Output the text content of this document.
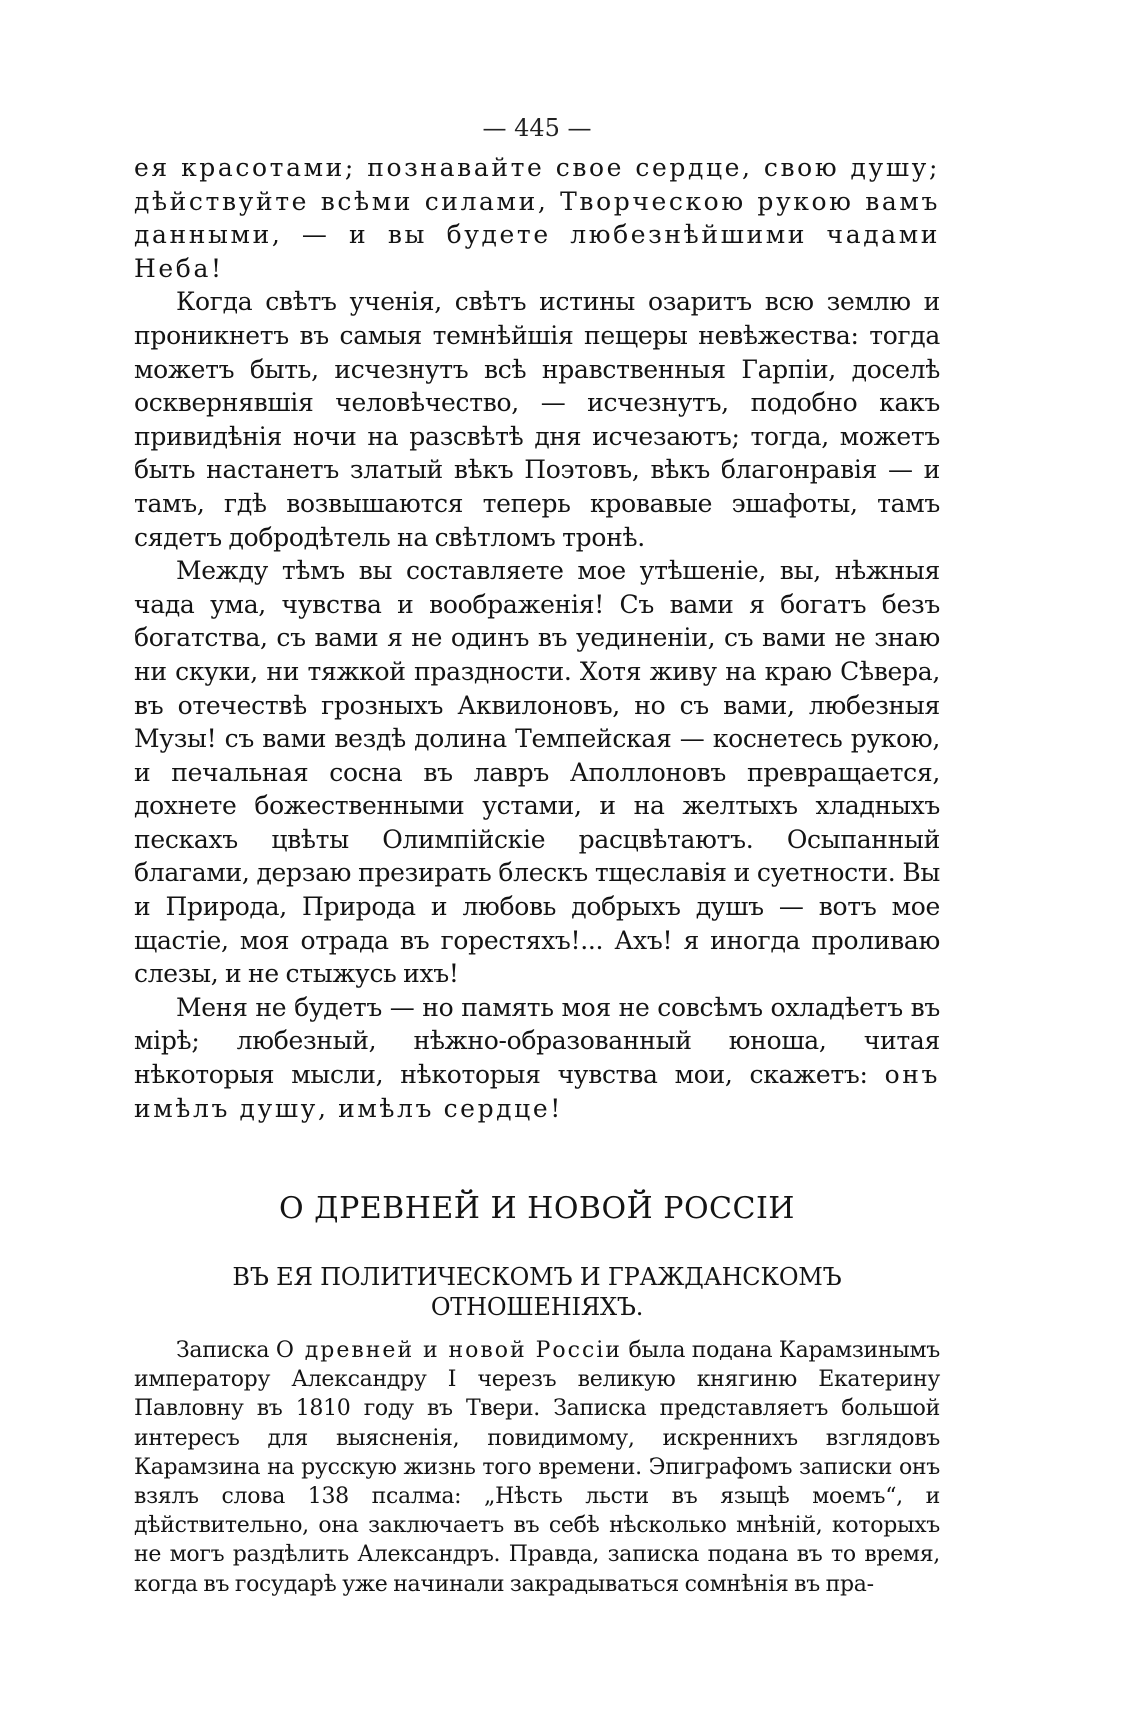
— 445 —

ея красотами; познавайте свое сердце, свою душу; дѣйствуйте всѣми силами, Творческою рукою вамъ данными, — и вы будете любезнѣйшими чадами Неба!

Когда свѣтъ ученія, свѣтъ истины озаритъ всю землю и проникнетъ въ самыя темнѣйшія пещеры невѣжества: тогда можетъ быть, исчезнутъ всѣ нравственныя Гарпіи, доселѣ осквернявшія человѣчество, — исчезнутъ, подобно какъ привидѣнія ночи на разсвѣтѣ дня исчезаютъ; тогда, можетъ быть настанетъ златый вѣкъ Поэтовъ, вѣкъ благонравія — и тамъ, гдѣ возвышаются теперь кровавые эшафоты, тамъ сядетъ добродѣтель на свѣтломъ тронѣ.

Между тѣмъ вы составляете мое утѣшеніе, вы, нѣжныя чада ума, чувства и воображенія! Съ вами я богатъ безъ богатства, съ вами я не одинъ въ уединеніи, съ вами не знаю ни скуки, ни тяжкой праздности. Хотя живу на краю Сѣвера, въ отечествѣ грозныхъ Аквилоновъ, но съ вами, любезныя Музы! съ вами вездѣ долина Темпейская — коснетесь рукою, и печальная сосна въ лавръ Аполлоновъ превращается, дохнете божественными устами, и на желтыхъ хладныхъ пескахъ цвѣты Олимпійскіе расцвѣтаютъ. Осыпанный благами, дерзаю презирать блескъ тщеславія и суетности. Вы и Природа, Природа и любовь добрыхъ душъ — вотъ мое щастіе, моя отрада въ горестяхъ!... Ахъ! я иногда проливаю слезы, и не стыжусь ихъ!

Меня не будетъ — но память моя не совсѣмъ охладѣетъ въ мірѣ; любезный, нѣжно-образованный юноша, читая нѣкоторыя мысли, нѣкоторыя чувства мои, скажетъ: онъ имѣлъ душу, имѣлъ сердце!

О ДРЕВНЕЙ И НОВОЙ РОССІИ
ВЪ ЕЯ ПОЛИТИЧЕСКОМЪ И ГРАЖДАНСКОМЪ ОТНОШЕНІЯХЪ.

Записка О древней и новой Россіи была подана Карамзинымъ императору Александру I черезъ великую княгиню Екатерину Павловну въ 1810 году въ Твери. Записка представляетъ большой интересъ для выясненія, повидимому, искреннихъ взглядовъ Карамзина на русскую жизнь того времени. Эпиграфомъ записки онъ взялъ слова 138 псалма: „Нѣсть льсти въ языцѣ моемъ“, и дѣйствительно, она заключаетъ въ себѣ нѣсколько мнѣній, которыхъ не могъ раздѣлить Александръ. Правда, записка подана въ то время, когда въ государѣ уже начинали закрадываться сомнѣнія въ пра-
